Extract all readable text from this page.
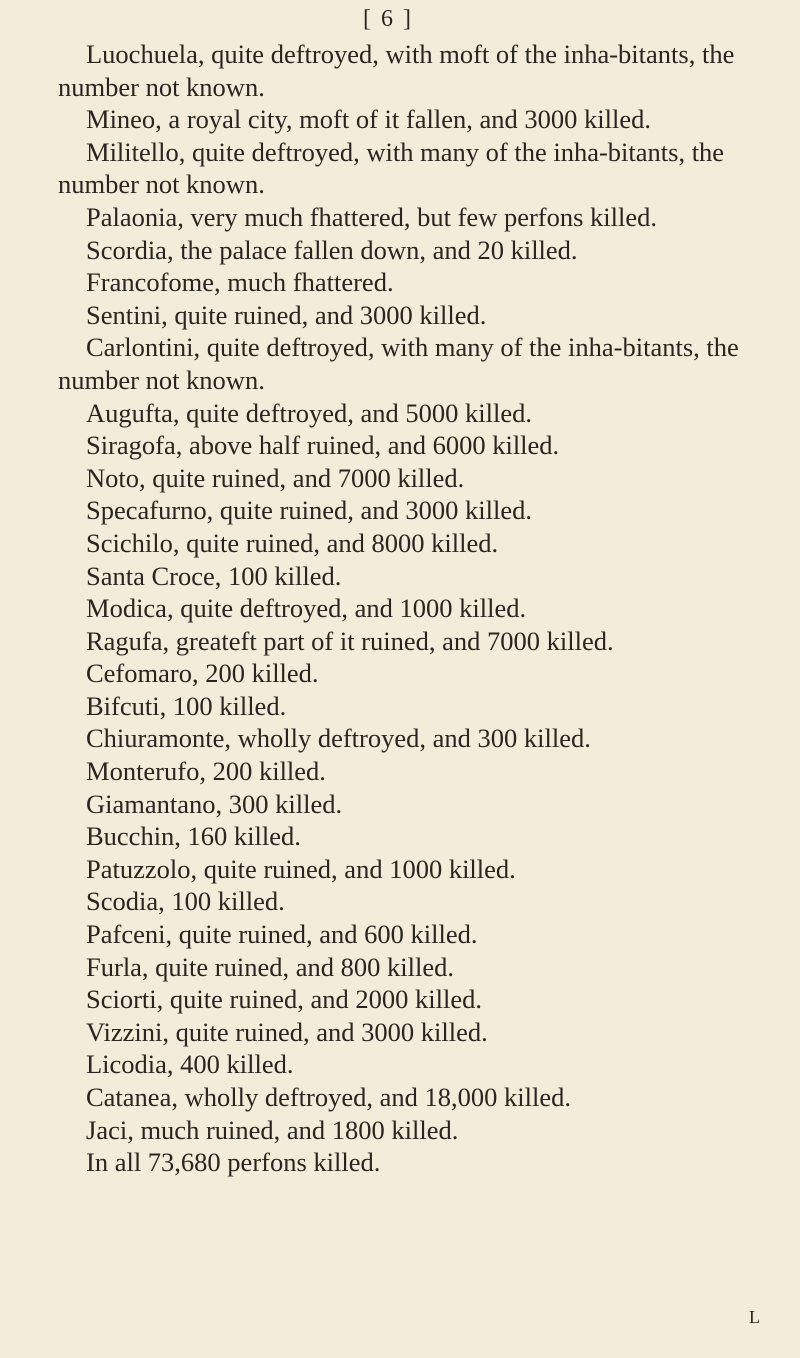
[ 6 ]

Luochuela, quite deftroyed, with moft of the inha-bitants, the number not known.

Mineo, a royal city, moft of it fallen, and 3000 killed.

Militello, quite deftroyed, with many of the inha-bitants, the number not known.

Palaonia, very much fhattered, but few perfons killed.

Scordia, the palace fallen down, and 20 killed.

Francofome, much fhattered.

Sentini, quite ruined, and 3000 killed.

Carlontini, quite deftroyed, with many of the inha-bitants, the number not known.

Augufta, quite deftroyed, and 5000 killed.

Siragofa, above half ruined, and 6000 killed.

Noto, quite ruined, and 7000 killed.

Specafurno, quite ruined, and 3000 killed.

Scichilo, quite ruined, and 8000 killed.

Santa Croce, 100 killed.

Modica, quite deftroyed, and 1000 killed.

Ragufa, greateft part of it ruined, and 7000 killed.

Cefomaro, 200 killed.

Bifcuti, 100 killed.

Chiuramonte, wholly deftroyed, and 300 killed.

Monterufo, 200 killed.

Giamantano, 300 killed.

Bucchin, 160 killed.

Patuzzolo, quite ruined, and 1000 killed.

Scodia, 100 killed.

Pafceni, quite ruined, and 600 killed.

Furla, quite ruined, and 800 killed.

Sciorti, quite ruined, and 2000 killed.

Vizzini, quite ruined, and 3000 killed.

Licodia, 400 killed.

Catanea, wholly deftroyed, and 18,000 killed.

Jaci, much ruined, and 1800 killed.

In all 73,680 perfons killed.

L
